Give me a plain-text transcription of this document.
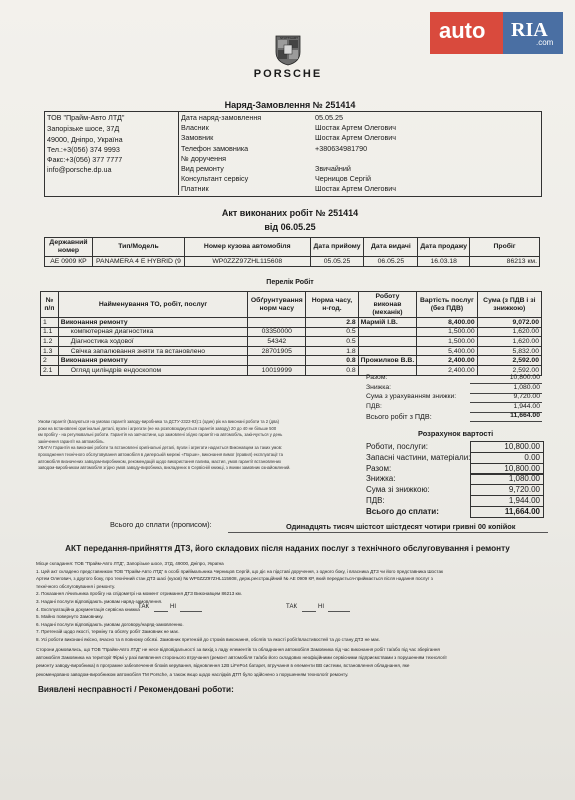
auto RIA
.com
STUTTGART
PORSCHE
Наряд-Замовлення № 251414
ТОВ "Прайм-Авто ЛТД"
Запорізьке шосе, 37Д
49000, Дніпро, Україна
Тел.:+3(056) 374 9993
Факс:+3(056) 377 7777
info@porsche.dp.ua
Акт виконаних робіт № 251414
від 06.05.25
Державний номер	Тип/Модель	Номер кузова автомобіля	Дата прийому	Дата видачі	Дата продажу	Пробіг
AE 0909 КР	PANAMERA 4 E HYBRID (9	WP0ZZZ97ZHL115608	05.05.25	06.05.25	16.03.18	86213 км.
Перелік Робіт
№ п/п	Найменування ТО, робіт, послуг	Обґрунтування норм часу	Норма часу, н-год.	Роботу виконав (механік)	Вартість послуг (без ПДВ)	Сума (з ПДВ і зі знижкою)
1	Виконання ремонту		2.8	Мармій І.В.	8,400.00	9,072.00
1.1	компютерная диагностика	03350000	0.5		1,500.00	1,620.00
1.2	Діагностика ходової	54342	0.5		1,500.00	1,620.00
1.3	Свічка запалювання зняти та встановлено	28701905	1.8		5,400.00	5,832.00
2	Виконання ремонту		0.8	Прожилков В.В.	2,400.00	2,592.00
2.1	Огляд циліндрів ендоскопом	10019999	0.8		2,400.00	2,592.00
Розрахунок вартості
Всього до сплати (прописом):	Одинадцять тисяч шістсот шістдесят чотири гривні 00 копійок
АКТ передання-прийняття ДТЗ, його складових після наданих послуг з технічного обслуговування і ремонту
ТАК	НІ	ТАК	НІ
Виявлені несправності / Рекомендовані роботи:
Дата наряд-замовлення	05.05.25
Власник	Шостак Артем Олегович
Замовник	Шостак Артем Олегович
Телефон замовника	+380634981790
№ доручення
Вид ремонту	Звичайний
Консультант сервісу	Черницов Сергій
Платник	Шостак Артем Олегович
Разом:	10,800.00
Знижка:	1,080.00
Сума з урахуванням знижки:	9,720.00
ПДВ:	1,944.00
Всього робіт з ПДВ:	11,664.00
Умови гарантії (Базуються на умовах гарантії заводу-виробника та ДСТУ-2322-93):1 (один) рік на виконані роботи та 2 (два)
роки на встановлені оригінальні деталі, вузли і агрегати (не на розповсюджується гарантія заводу) 20 до 40 не більше 500
км пробігу - на регулювальні роботи. Гарантія на запчастини, що замовлені згідно гарантії на автомобіль, закінчується у день
закінчення гарантії на автомобіль.
УВАГА! Гарантія на виконані роботи та встановлені оригінальні деталі, вузли і агрегати надається Виконавцем за таких умов:
проходження технічного обслуговування автомобіля в дилерській мережі «Порше», виконання вимог (правил) експлуатації та
автомобіля визначених заводом-виробником, рекомендацій щодо використання палива, мастил, умов гарантії встановлених
заводом-виробником автомобіля згідно умов заводу-виробника, викладених в Сервісній книжці, з якими замовник ознайомлений.
Роботи, послуги:	10,800.00
Запасні частини, матеріали:	0.00
Разом:	10,800.00
Знижка:	1,080.00
Сума зі знижкою:	9,720.00
ПДВ:	1,944.00
Всього до сплати:	11,664.00
Місце складання: ТОВ "Прайм-Авто ЛТД", Запорізьке шосе, 37Д, 49000, Дніпро, Україна
1. Цей акт складено представником ТОВ "Прайм-Авто ЛТД" в особі прийімальника Черницов Сергій, що діє на підставі доручення, з одного боку, і власника ДТЗ чи його представника Шостак
Артем Олегович, з другого боку, про технічний стан ДТЗ шасі (кузов) № WP0ZZZ97ZHL115608, держ.реєстраційний № AE 0909 КР, який передається-приймається після надання послуг з
технічного обслуговування і ремонту.
2. Показання лічильника пробігу на спідометрі на момент отримання ДТЗ Виконавцем 86213 км.
3. Надані послуги відповідають умовам наряд-замовлення.
4. Експлуатаційна документація сервісна книжка
5. Майно повернуто Замовнику.
6. Надані послуги відповідають умовам договору/наряд-замовленню.
7. Претензій щодо якості, терміну та обсягу робіт Замовник не має.
8. Усі роботи виконані якісно, вчасно та в повному обсязі. Замовник претензій до строків виконання, обсягів та якості робіт/властивостей та до стану ДТЗ не має.
Сторони домовились, що ТОВ "Прайм-Авто ЛТД" не несе відповідальності за вихід з ладу елементів та обладнання автомобіля Замовника під час виконання робіт та/або під час зберігання
автомобіля Замовника на території Фірмі у разі виявлення сторонього втручання (ремонт автомобіля та/або його складових неофіційними сервісними підприємствами з порушенням технології
ремонту заводу-виробника) в програмне забезпечення блоків керування, відновлення 12В LiFePo4 батареї, втручання в елементи ВВ системи, встановлення обладнання, яке
рекомендовано заводом-виробником автомобіля ТМ Porsche, а також якщо щодо наслідків ДТП було здійснено з порушенням технології ремонту.
